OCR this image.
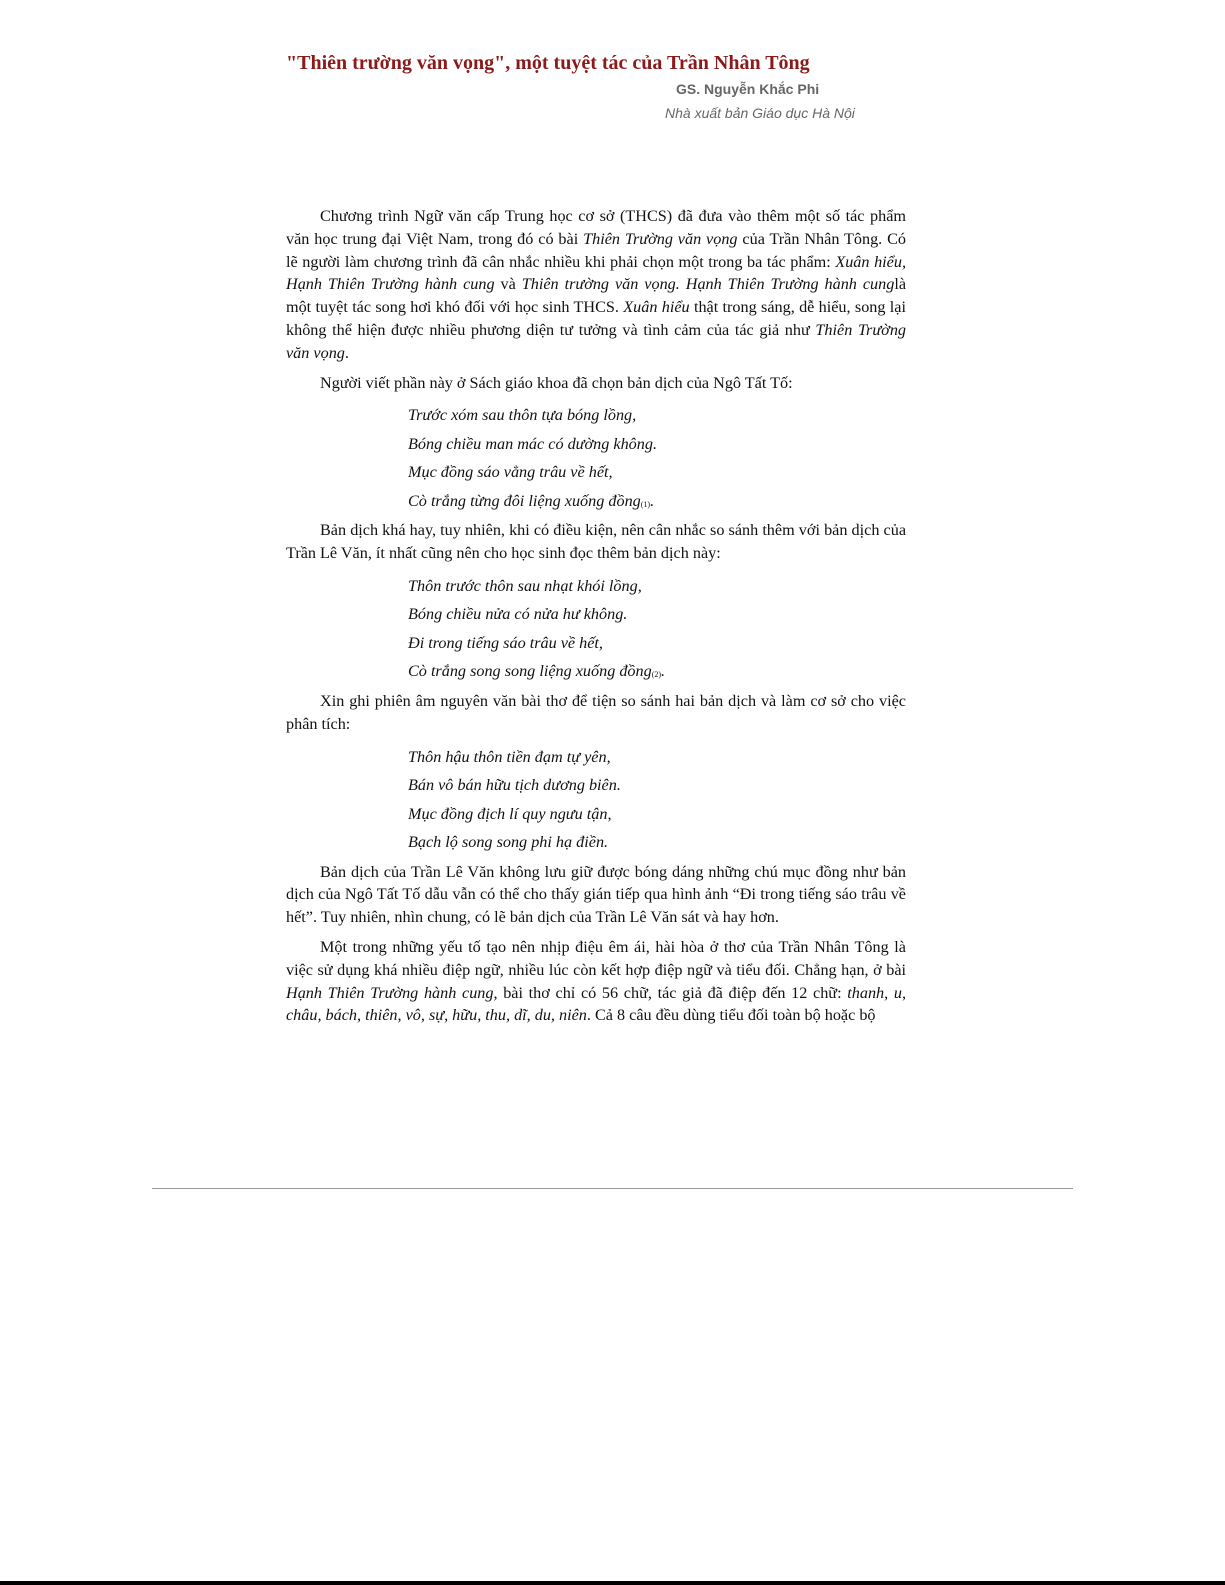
"Thiên trường văn vọng", một tuyệt tác của Trần Nhân Tông
GS. Nguyễn Khắc Phi
Nhà xuất bản Giáo dục Hà Nội

Chương trình Ngữ văn cấp Trung học cơ sở (THCS) đã đưa vào thêm một số tác phẩm văn học trung đại Việt Nam, trong đó có bài Thiên Trường văn vọng của Trần Nhân Tông. Có lẽ người làm chương trình đã cân nhắc nhiều khi phải chọn một trong ba tác phẩm: Xuân hiểu, Hạnh Thiên Trường hành cung và Thiên trường văn vọng. Hạnh Thiên Trường hành cunglà một tuyệt tác song hơi khó đối với học sinh THCS. Xuân hiểu thật trong sáng, dễ hiểu, song lại không thể hiện được nhiều phương diện tư tưởng và tình cảm của tác giả như Thiên Trường văn vọng.

Người viết phần này ở Sách giáo khoa đã chọn bản dịch của Ngô Tất Tố:

Trước xóm sau thôn tựa bóng lồng,
Bóng chiều man mác có dường không.
Mục đồng sáo vẳng trâu về hết,
Cò trắng từng đôi liệng xuống đồng$_{(1)}$.

Bản dịch khá hay, tuy nhiên, khi có điều kiện, nên cân nhắc so sánh thêm với bản dịch của Trần Lê Văn, ít nhất cũng nên cho học sinh đọc thêm bản dịch này:

Thôn trước thôn sau nhạt khói lồng,
Bóng chiều nửa có nửa hư không.
Đi trong tiếng sáo trâu về hết,
Cò trắng song song liệng xuống đồng$_{(2)}$.

Xin ghi phiên âm nguyên văn bài thơ để tiện so sánh hai bản dịch và làm cơ sở cho việc phân tích:

Thôn hậu thôn tiền đạm tự yên,
Bán vô bán hữu tịch dương biên.
Mục đồng địch lí quy ngưu tận,
Bạch lộ song song phi hạ điền.

Bản dịch của Trần Lê Văn không lưu giữ được bóng dáng những chú mục đồng như bản dịch của Ngô Tất Tố dẫu vẫn có thể cho thấy gián tiếp qua hình ảnh “Đi trong tiếng sáo trâu về hết”. Tuy nhiên, nhìn chung, có lẽ bản dịch của Trần Lê Văn sát và hay hơn.

Một trong những yếu tố tạo nên nhịp điệu êm ái, hài hòa ở thơ của Trần Nhân Tông là việc sử dụng khá nhiều điệp ngữ, nhiều lúc còn kết hợp điệp ngữ và tiểu đối. Chẳng hạn, ở bài Hạnh Thiên Trường hành cung, bài thơ chỉ có 56 chữ, tác giả đã điệp đến 12 chữ: thanh, u, châu, bách, thiên, vô, sự, hữu, thu, dĩ, du, niên. Cả 8 câu đều dùng tiểu đối toàn bộ hoặc bộ
